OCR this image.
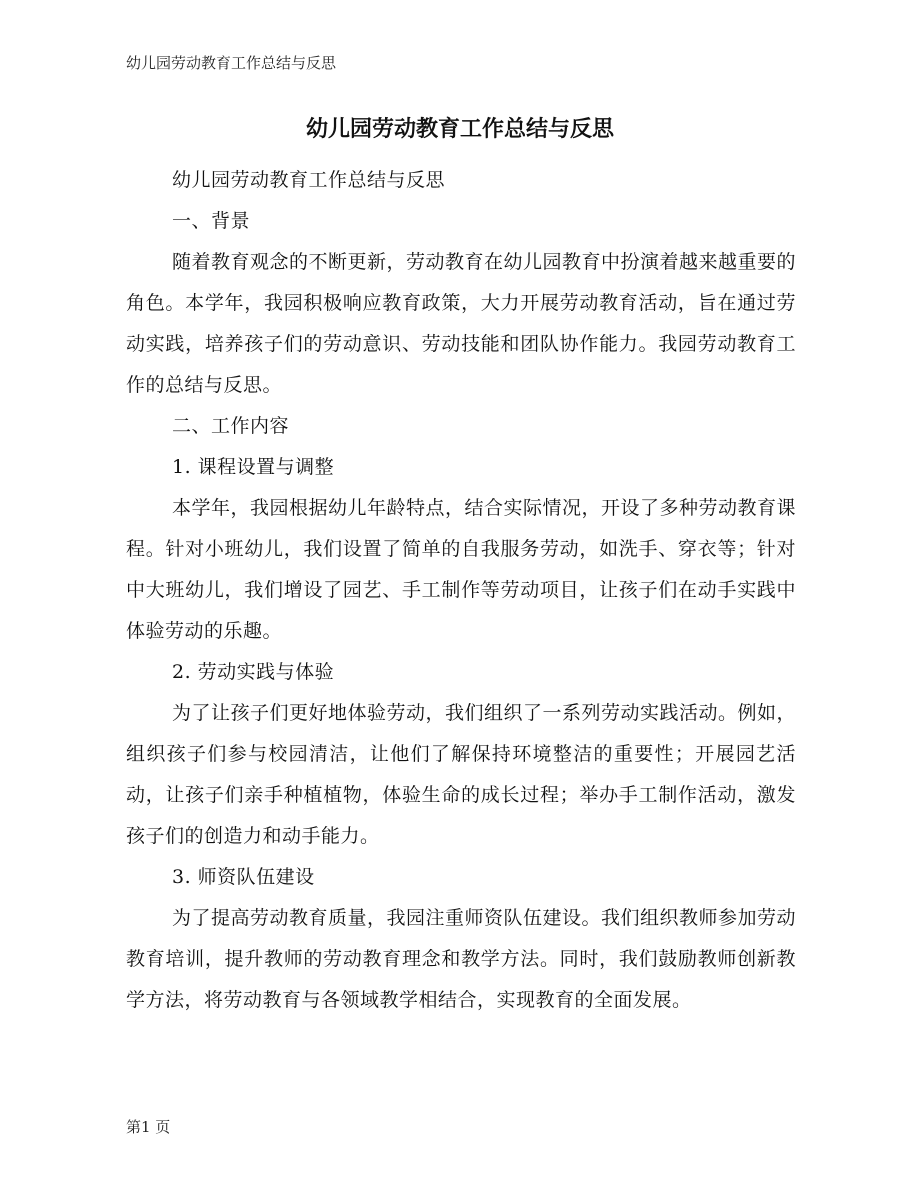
幼儿园劳动教育工作总结与反思
幼儿园劳动教育工作总结与反思

幼儿园劳动教育工作总结与反思

一、背景

随着教育观念的不断更新，劳动教育在幼儿园教育中扮演着越来越重要的角色。本学年，我园积极响应教育政策，大力开展劳动教育活动，旨在通过劳动实践，培养孩子们的劳动意识、劳动技能和团队协作能力。我园劳动教育工作的总结与反思。

二、工作内容

1. 课程设置与调整

本学年，我园根据幼儿年龄特点，结合实际情况，开设了多种劳动教育课程。针对小班幼儿，我们设置了简单的自我服务劳动，如洗手、穿衣等；针对中大班幼儿，我们增设了园艺、手工制作等劳动项目，让孩子们在动手实践中体验劳动的乐趣。

2. 劳动实践与体验

为了让孩子们更好地体验劳动，我们组织了一系列劳动实践活动。例如，组织孩子们参与校园清洁，让他们了解保持环境整洁的重要性；开展园艺活动，让孩子们亲手种植植物，体验生命的成长过程；举办手工制作活动，激发孩子们的创造力和动手能力。

3. 师资队伍建设

为了提高劳动教育质量，我园注重师资队伍建设。我们组织教师参加劳动教育培训，提升教师的劳动教育理念和教学方法。同时，我们鼓励教师创新教学方法，将劳动教育与各领域教学相结合，实现教育的全面发展。

第1 页
